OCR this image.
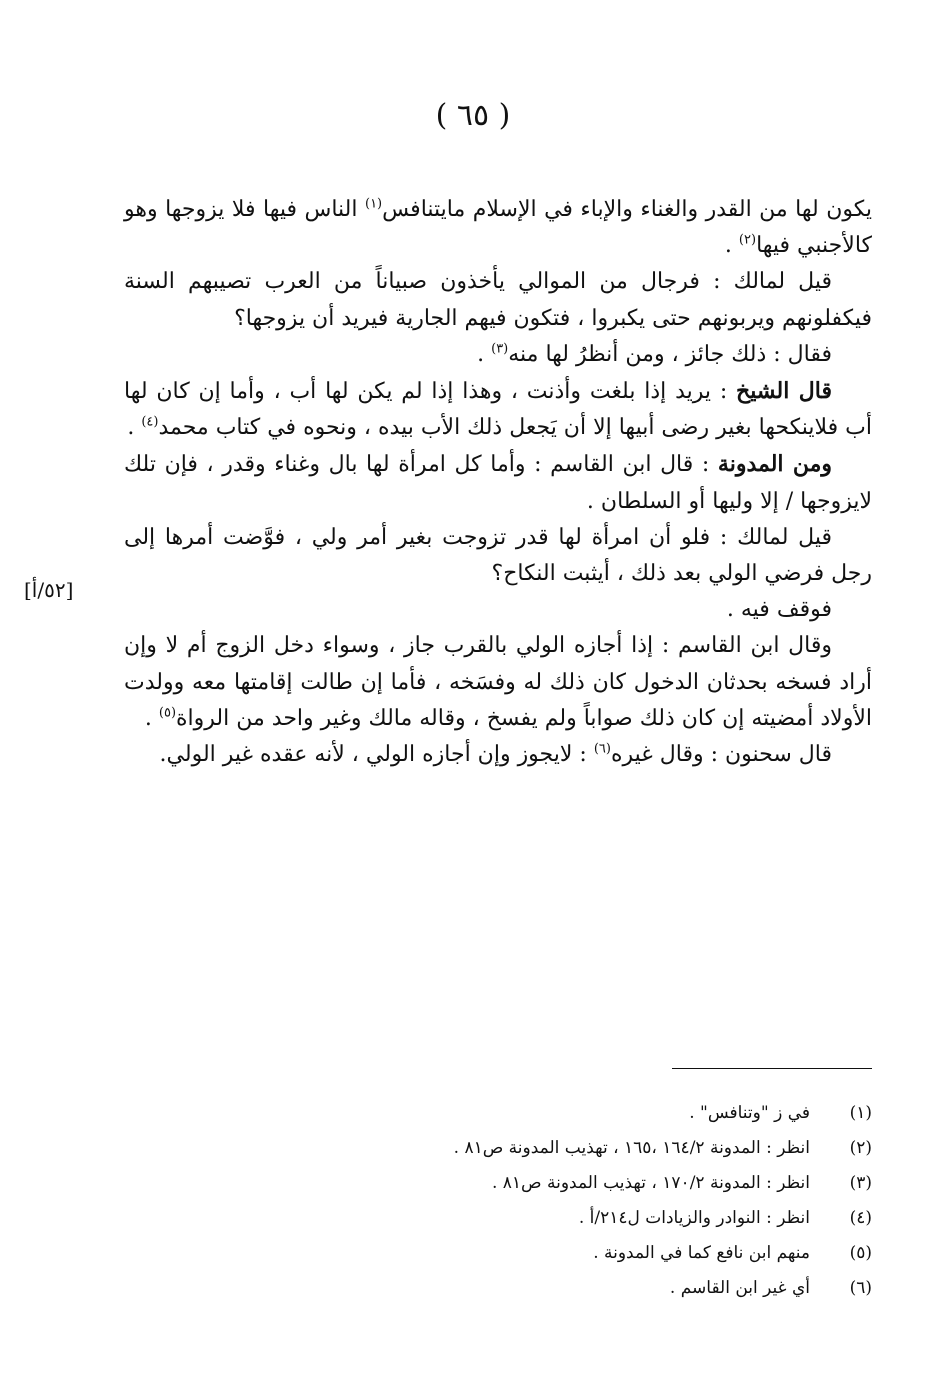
( ٦٥ )
[٥٢/أ]

يكون لها من القدر والغناء والإباء في الإسلام مايتنافس$^{(١)}$ الناس فيها فلا يزوجها وهو كالأجنبي فيها$^{(٢)}$ .

قيل لمالك : فرجال من الموالي يأخذون صبياناً من العرب تصيبهم السنة فيكفلونهم ويربونهم حتى يكبروا ، فتكون فيهم الجارية فيريد أن يزوجها؟

فقال : ذلك جائز ، ومن أنظرُ لها منه$^{(٣)}$ .

قال الشيخ : يريد إذا بلغت وأذنت ، وهذا إذا لم يكن لها أب ، وأما إن كان لها أب فلاينكحها بغير رضى أبيها إلا أن يَجعل ذلك الأب بيده ، ونحوه في كتاب محمد$^{(٤)}$ .

ومن المدونة : قال ابن القاسم : وأما كل امرأة لها بال وغناء وقدر ، فإن تلك لايزوجها / إلا وليها أو السلطان .

قيل لمالك : فلو أن امرأة لها قدر تزوجت بغير أمر ولي ، فوَّضت أمرها إلى رجل فرضي الولي بعد ذلك ، أيثبت النكاح؟

فوقف فيه .

وقال ابن القاسم : إذا أجازه الولي بالقرب جاز ، وسواء دخل الزوج أم لا وإن أراد فسخه بحدثان الدخول كان ذلك له وفسَخه ، فأما إن طالت إقامتها معه وولدت الأولاد أمضيته إن كان ذلك صواباً ولم يفسخ ، وقاله مالك وغير واحد من الرواة$^{(٥)}$ .

قال سحنون : وقال غيره$^{(٦)}$ : لايجوز وإن أجازه الولي ، لأنه عقده غير الولي.

(١)
في ز "وتنافس" .
(٢)
انظر : المدونة ١٦٤/٢ ،١٦٥ ، تهذيب المدونة ص٨١ .
(٣)
انظر : المدونة ١٧٠/٢ ، تهذيب المدونة ص٨١ .
(٤)
انظر : النوادر والزيادات ل٢١٤/أ .
(٥)
منهم ابن نافع كما في المدونة .
(٦)
أي غير ابن القاسم .
